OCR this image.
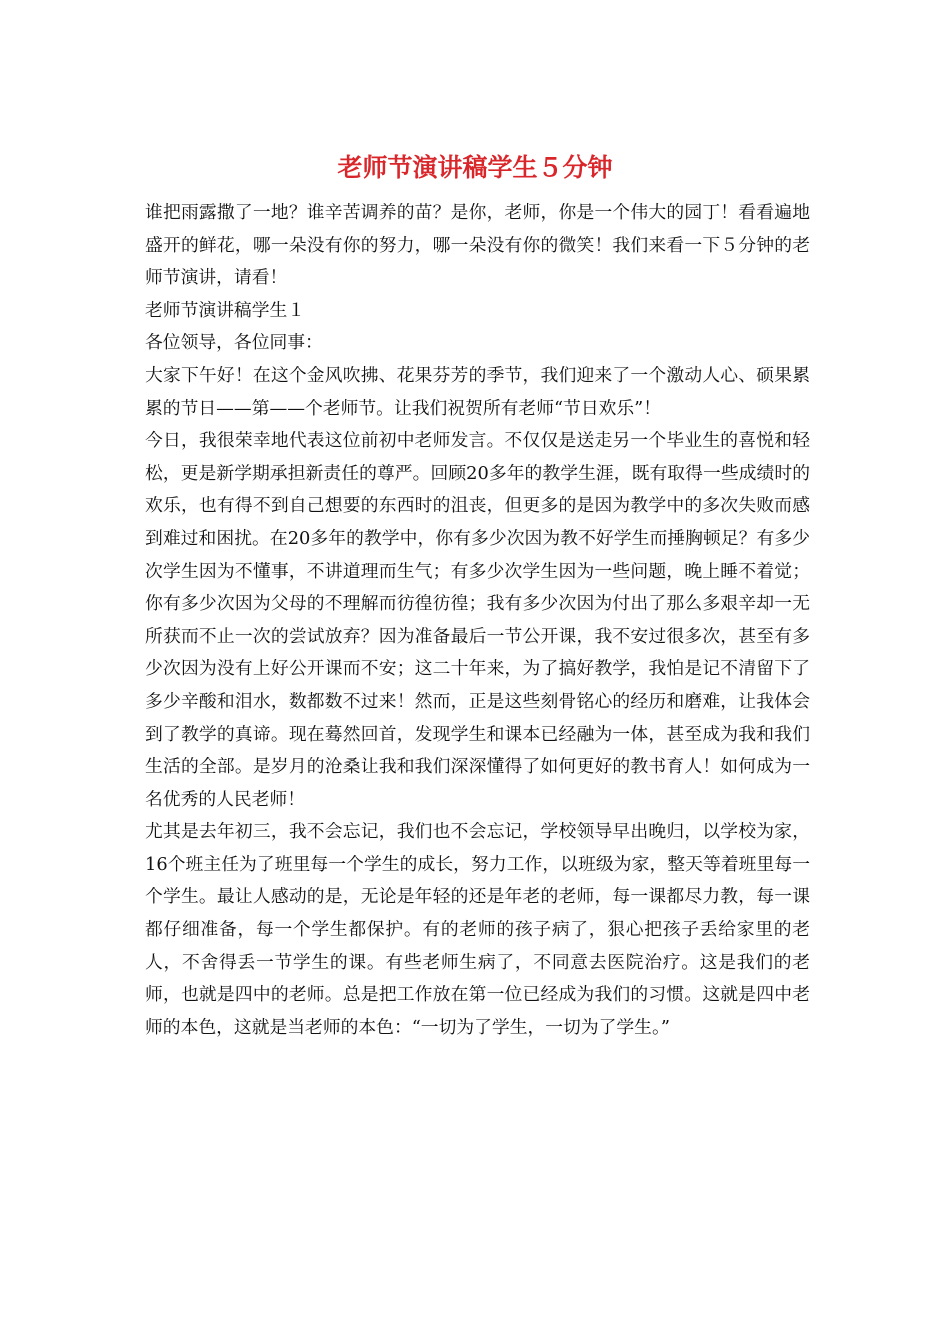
老师节演讲稿学生５分钟

谁把雨露撒了一地？谁辛苦调养的苗？是你，老师，你是一个伟大的园丁！看看遍地盛开的鲜花，哪一朵没有你的努力，哪一朵没有你的微笑！我们来看一下５分钟的老师节演讲，请看！

老师节演讲稿学生１

各位领导，各位同事：

大家下午好！在这个金风吹拂、花果芬芳的季节，我们迎来了一个激动人心、硕果累累的节日——第——个老师节。让我们祝贺所有老师“节日欢乐”！

今日，我很荣幸地代表这位前初中老师发言。不仅仅是送走另一个毕业生的喜悦和轻松，更是新学期承担新责任的尊严。回顾20多年的教学生涯，既有取得一些成绩时的欢乐，也有得不到自己想要的东西时的沮丧，但更多的是因为教学中的多次失败而感到难过和困扰。在20多年的教学中，你有多少次因为教不好学生而捶胸顿足？有多少次学生因为不懂事，不讲道理而生气；有多少次学生因为一些问题，晚上睡不着觉；你有多少次因为父母的不理解而彷徨彷徨；我有多少次因为付出了那么多艰辛却一无所获而不止一次的尝试放弃？因为准备最后一节公开课，我不安过很多次，甚至有多少次因为没有上好公开课而不安；这二十年来，为了搞好教学，我怕是记不清留下了多少辛酸和泪水，数都数不过来！然而，正是这些刻骨铭心的经历和磨难，让我体会到了教学的真谛。现在蓦然回首，发现学生和课本已经融为一体，甚至成为我和我们生活的全部。是岁月的沧桑让我和我们深深懂得了如何更好的教书育人！如何成为一名优秀的人民老师！

尤其是去年初三，我不会忘记，我们也不会忘记，学校领导早出晚归，以学校为家，16个班主任为了班里每一个学生的成长，努力工作，以班级为家，整天等着班里每一个学生。最让人感动的是，无论是年轻的还是年老的老师，每一课都尽力教，每一课都仔细准备，每一个学生都保护。有的老师的孩子病了，狠心把孩子丢给家里的老人，不舍得丢一节学生的课。有些老师生病了，不同意去医院治疗。这是我们的老师，也就是四中的老师。总是把工作放在第一位已经成为我们的习惯。这就是四中老师的本色，这就是当老师的本色：“一切为了学生，一切为了学生。”
